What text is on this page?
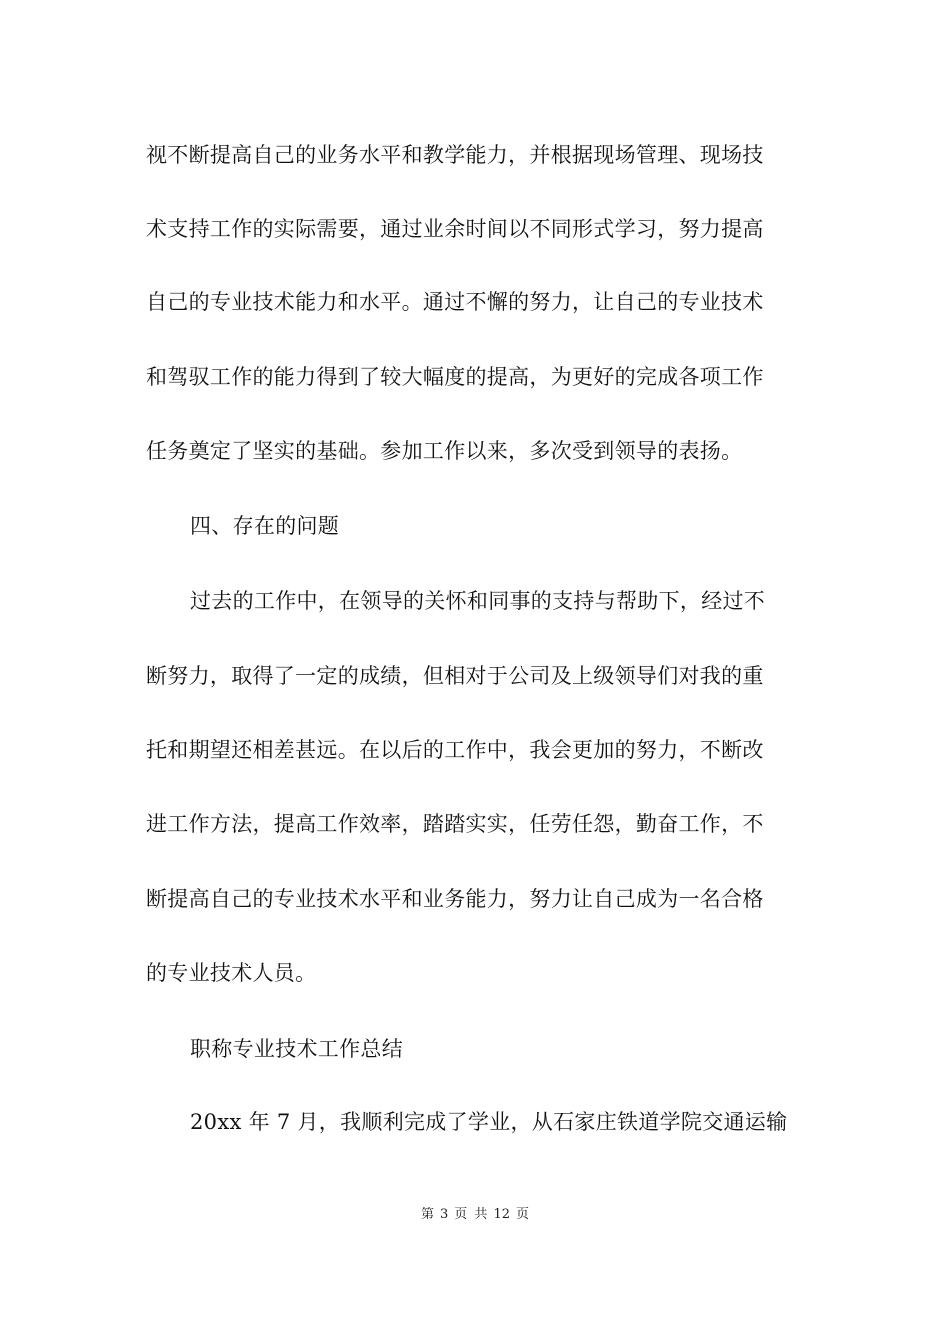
视不断提高自己的业务水平和教学能力，并根据现场管理、现场技
术支持工作的实际需要，通过业余时间以不同形式学习，努力提高
自己的专业技术能力和水平。通过不懈的努力，让自己的专业技术
和驾驭工作的能力得到了较大幅度的提高，为更好的完成各项工作
任务奠定了坚实的基础。参加工作以来，多次受到领导的表扬。
四、存在的问题
过去的工作中，在领导的关怀和同事的支持与帮助下，经过不
断努力，取得了一定的成绩，但相对于公司及上级领导们对我的重
托和期望还相差甚远。在以后的工作中，我会更加的努力，不断改
进工作方法，提高工作效率，踏踏实实，任劳任怨，勤奋工作，不
断提高自己的专业技术水平和业务能力，努力让自己成为一名合格
的专业技术人员。
职称专业技术工作总结
20xx 年 7 月，我顺利完成了学业，从石家庄铁道学院交通运输
第 3 页 共 12 页
